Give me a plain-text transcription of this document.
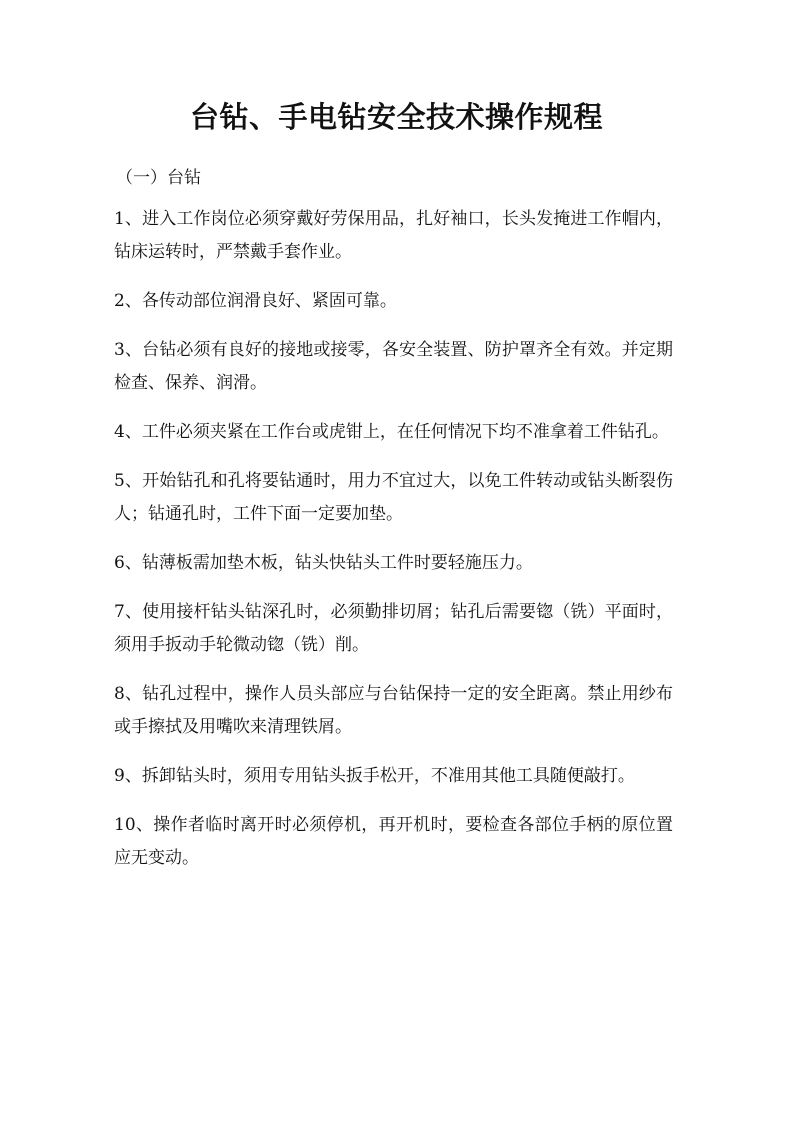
台钻、手电钻安全技术操作规程

（一）台钻

1、进入工作岗位必须穿戴好劳保用品，扎好袖口，长头发掩进工作帽内，钻床运转时，严禁戴手套作业。

2、各传动部位润滑良好、紧固可靠。

3、台钻必须有良好的接地或接零，各安全装置、防护罩齐全有效。并定期检查、保养、润滑。

4、工件必须夹紧在工作台或虎钳上，在任何情况下均不准拿着工件钻孔。

5、开始钻孔和孔将要钻通时，用力不宜过大，以免工件转动或钻头断裂伤人；钻通孔时，工件下面一定要加垫。

6、钻薄板需加垫木板，钻头快钻头工件时要轻施压力。

7、使用接杆钻头钻深孔时，必须勤排切屑；钻孔后需要锪（铣）平面时，须用手扳动手轮微动锪（铣）削。

8、钻孔过程中，操作人员头部应与台钻保持一定的安全距离。禁止用纱布或手擦拭及用嘴吹来清理铁屑。

9、拆卸钻头时，须用专用钻头扳手松开，不准用其他工具随便敲打。

10、操作者临时离开时必须停机，再开机时，要检查各部位手柄的原位置应无变动。
